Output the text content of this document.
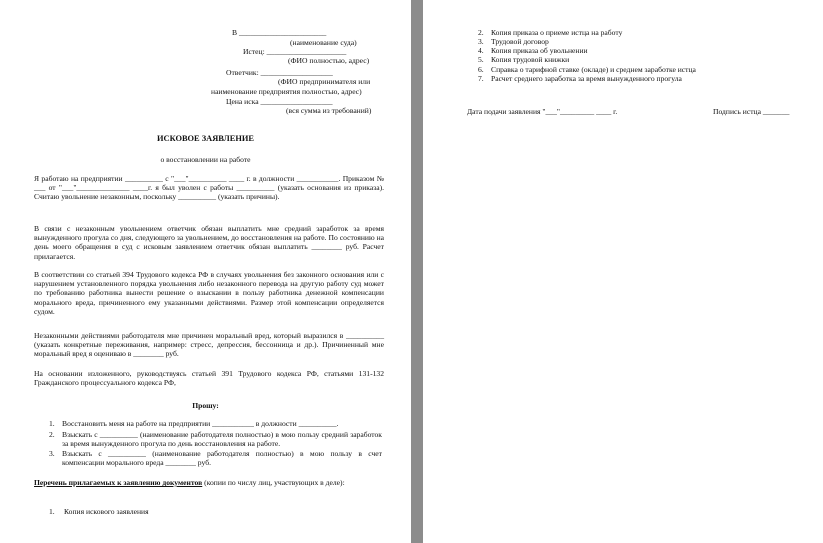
В _______________________
(наименование суда)
Истец: _____________________
(ФИО полностью, адрес)
Ответчик: ___________________
(ФИО предпринимателя или
наименование предприятия полностью, адрес)
Цена иска ___________________
(вся сумма из требований)
ИСКОВОЕ ЗАЯВЛЕНИЕ
о восстановлении на работе
Я работаю на предприятии __________ с "___"__________ ____ г. в должности ___________. Приказом № ___ от "___"______________ ____г. я был уволен с работы __________ (указать основания из приказа). Считаю увольнение незаконным, поскольку __________ (указать причины).
В связи с незаконным увольнением ответчик обязан выплатить мне средний заработок за время вынужденного прогула со дня, следующего за увольнением, до восстановления на работе. По состоянию на день моего обращения в суд с исковым заявлением ответчик обязан выплатить ________ руб. Расчет прилагается.
В соответствии со статьей 394 Трудового кодекса РФ в случаях увольнения без законного основания или с нарушением установленного порядка увольнения либо незаконного перевода на другую работу суд может по требованию работника вынести решение о взыскании в пользу работника денежной компенсации морального вреда, причиненного ему указанными действиями. Размер этой компенсации определяется судом.
Незаконными действиями работодателя мне причинен моральный вред, который выразился в __________ (указать конкретные переживания, например: стресс, депрессия, бессонница и др.). Причиненный мне моральный вред я оцениваю в ________ руб.
На основании изложенного, руководствуясь статьей 391 Трудового кодекса РФ, статьями 131-132 Гражданского процессуального кодекса РФ,
Прошу:
1. Восстановить меня на работе на предприятии ___________ в должности __________.
2. Взыскать с __________ (наименование работодателя полностью) в мою пользу средний заработок за время вынужденного прогула по день восстановления на работе.
3. Взыскать с __________ (наименование работодателя полностью) в мою пользу в счет компенсации морального вреда ________ руб.
Перечень прилагаемых к заявлению документов (копии по числу лиц, участвующих в деле):
1. Копия искового заявления
2. Копия приказа о приеме истца на работу
3. Трудовой договор
4. Копия приказа об увольнении
5. Копия трудовой книжки
6. Справка о тарифной ставке (окладе) и среднем заработке истца
7. Расчет среднего заработка за время вынужденного прогула
Дата подачи заявления "___"_________ ____ г.	Подпись истца _______
